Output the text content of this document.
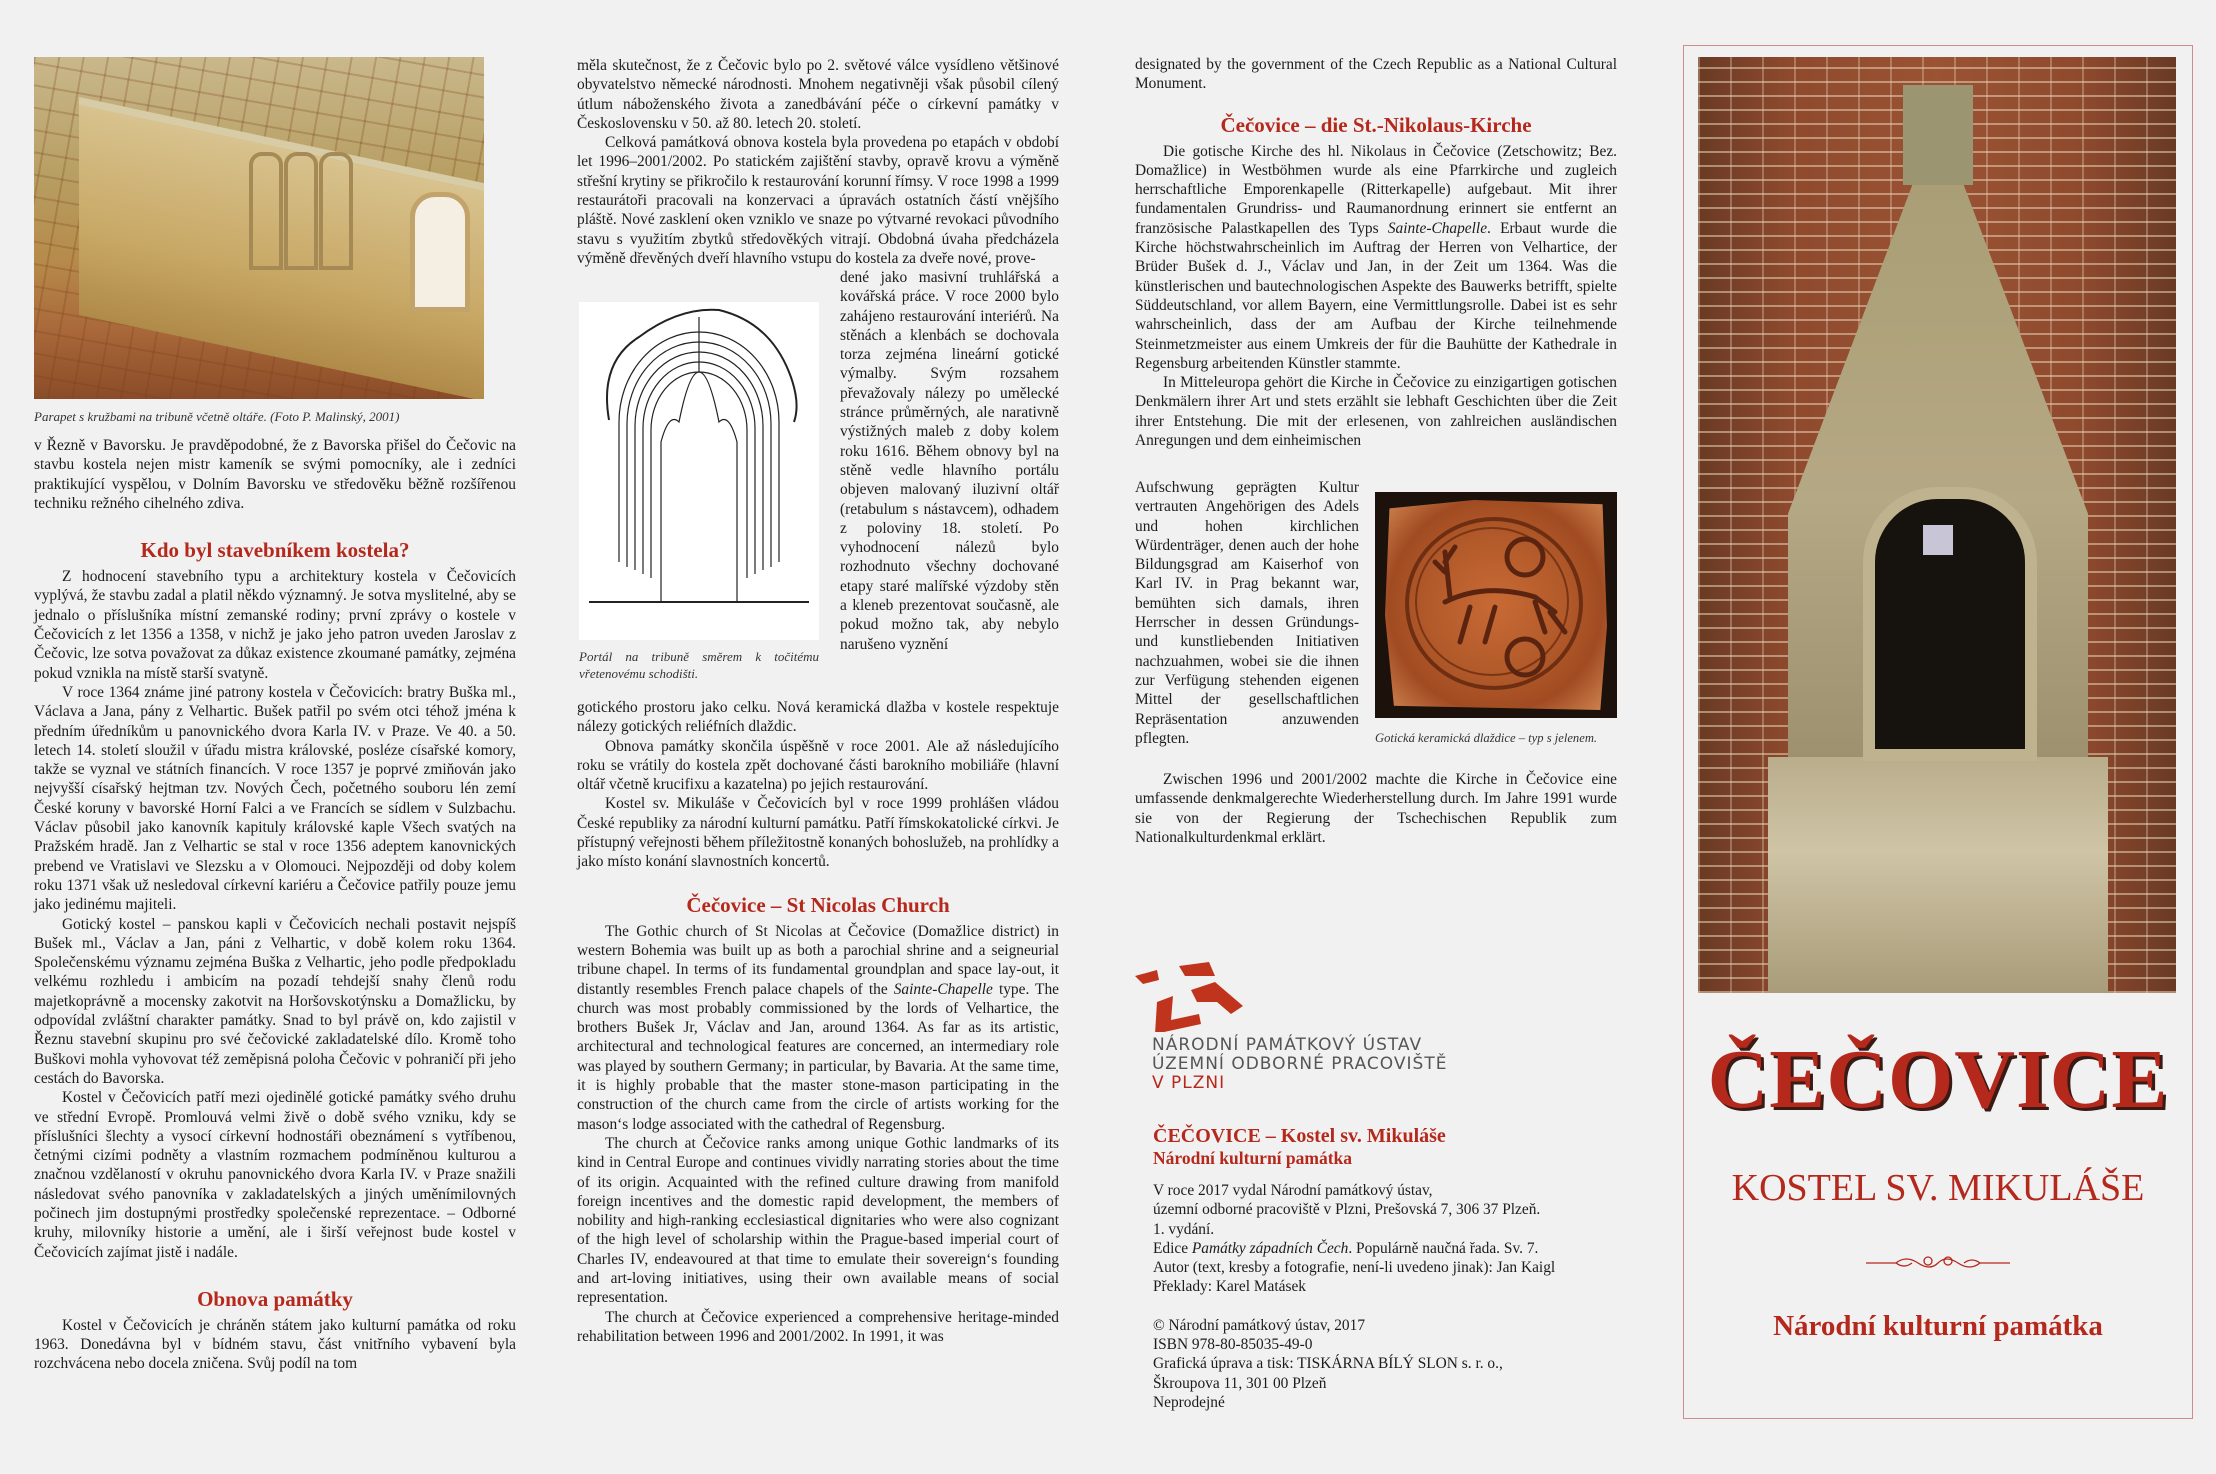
Parapet s kružbami na tribuně včetně oltáře. (Foto P. Malinský, 2001)

v Řezně v Bavorsku. Je pravděpodobné, že z Bavorska přišel do Čečovic na stavbu kostela nejen mistr kameník se svými pomocníky, ale i zedníci praktikující vyspělou, v Dolním Bavorsku ve středověku běžně rozšířenou techniku režného cihelného zdiva.

Kdo byl stavebníkem kostela?

Z hodnocení stavebního typu a architektury kostela v Čečovicích vyplývá, že stavbu zadal a platil někdo významný. Je sotva myslitelné, aby se jednalo o příslušníka místní zemanské rodiny; první zprávy o kostele v Čečovicích z let 1356 a 1358, v nichž je jako jeho patron uveden Jaroslav z Čečovic, lze sotva považovat za důkaz existence zkoumané památky, zejména pokud vznikla na místě starší svatyně.

V roce 1364 známe jiné patrony kostela v Čečovicích: bratry Buška ml., Václava a Jana, pány z Velhartic. Bušek patřil po svém otci téhož jména k předním úředníkům u panovnického dvora Karla IV. v Praze. Ve 40. a 50. letech 14. století sloužil v úřadu mistra královské, posléze císařské komory, takže se vyznal ve státních financích. V roce 1357 je poprvé zmiňován jako nejvyšší císařský hejtman tzv. Nových Čech, početného souboru lén zemí České koruny v bavorské Horní Falci a ve Francích se sídlem v Sulzbachu. Václav působil jako kanovník kapituly královské kaple Všech svatých na Pražském hradě. Jan z Velhartic se stal v roce 1356 adeptem kanovnických prebend ve Vratislavi ve Slezsku a v Olomouci. Nejpozději od doby kolem roku 1371 však už nesledoval církevní kariéru a Čečovice patřily pouze jemu jako jedinému majiteli.

Gotický kostel – panskou kapli v Čečovicích nechali postavit nejspíš Bušek ml., Václav a Jan, páni z Velhartic, v době kolem roku 1364. Společenskému významu zejména Buška z Velhartic, jeho podle předpokladu velkému rozhledu i ambicím na pozadí tehdejší snahy členů rodu majetkoprávně a mocensky zakotvit na Horšovskotýnsku a Domažlicku, by odpovídal zvláštní charakter památky. Snad to byl právě on, kdo zajistil v Řeznu stavební skupinu pro své čečovické zakladatelské dílo. Kromě toho Buškovi mohla vyhovovat též zeměpisná poloha Čečovic v pohraničí při jeho cestách do Bavorska.

Kostel v Čečovicích patří mezi ojedinělé gotické památky svého druhu ve střední Evropě. Promlouvá velmi živě o době svého vzniku, kdy se příslušníci šlechty a vysocí církevní hodnostáři obeznámení s vytříbenou, četnými cizími podněty a vlastním rozmachem podmíněnou kulturou a značnou vzdělaností v okruhu panovnického dvora Karla IV. v Praze snažili následovat svého panovníka v zakladatelských a jiných uměnímilovných počinech jim dostupnými prostředky společenské reprezentace. – Odborné kruhy, milovníky historie a umění, ale i širší veřejnost bude kostel v Čečovicích zajímat jistě i nadále.

Obnova památky

Kostel v Čečovicích je chráněn státem jako kulturní památka od roku 1963. Donedávna byl v bídném stavu, část vnitřního vybavení byla rozchvácena nebo docela zničena. Svůj podíl na tom

měla skutečnost, že z Čečovic bylo po 2. světové válce vysídleno většinové obyvatelstvo německé národnosti. Mnohem negativněji však působil cílený útlum náboženského života a zanedbávání péče o církevní památky v Československu v 50. až 80. letech 20. století.

Celková památková obnova kostela byla provedena po etapách v období let 1996–2001/2002. Po statickém zajištění stavby, opravě krovu a výměně střešní krytiny se přikročilo k restaurování korunní římsy. V roce 1998 a 1999 restaurátoři pracovali na konzervaci a úpravách ostatních částí vnějšího pláště. Nové zasklení oken vzniklo ve snaze po výtvarné revokaci původního stavu s využitím zbytků středověkých vitrají. Obdobná úvaha předcházela výměně dřevěných dveří hlavního vstupu do kostela za dveře nové, prove-

dené jako masivní truhlářská a kovářská práce. V roce 2000 bylo zahájeno restaurování interiérů. Na stěnách a klenbách se dochovala torza zejména lineární gotické výmalby. Svým rozsahem převažovaly nálezy po umělecké stránce průměrných, ale narativně výstižných maleb z doby kolem roku 1616. Během obnovy byl na stěně vedle hlavního portálu objeven malovaný iluzivní oltář (retabulum s nástavcem), odhadem z poloviny 18. století. Po vyhodnocení nálezů bylo rozhodnuto všechny dochované etapy staré malířské výzdoby stěn a kleneb prezentovat současně, ale pokud možno tak, aby nebylo narušeno vyznění

Portál na tribuně směrem k točitému vřetenovému schodišti.

gotického prostoru jako celku. Nová keramická dlažba v kostele respektuje nálezy gotických reliéfních dlaždic.

Obnova památky skončila úspěšně v roce 2001. Ale až následujícího roku se vrátily do kostela zpět dochované části barokního mobiliáře (hlavní oltář včetně krucifixu a kazatelna) po jejich restaurování.

Kostel sv. Mikuláše v Čečovicích byl v roce 1999 prohlášen vládou České republiky za národní kulturní památku. Patří římskokatolické církvi. Je přístupný veřejnosti během příležitostně konaných bohoslužeb, na prohlídky a jako místo konání slavnostních koncertů.

Čečovice – St Nicolas Church

The Gothic church of St Nicolas at Čečovice (Domažlice district) in western Bohemia was built up as both a parochial shrine and a seigneurial tribune chapel. In terms of its fundamental groundplan and space lay-out, it distantly resembles French palace chapels of the Sainte-Chapelle type. The church was most probably commissioned by the lords of Velhartice, the brothers Bušek Jr, Václav and Jan, around 1364. As far as its artistic, architectural and technological features are concerned, an intermediary role was played by southern Germany; in particular, by Bavaria. At the same time, it is highly probable that the master stone-mason participating in the construction of the church came from the circle of artists working for the mason‘s lodge associated with the cathedral of Regensburg.

The church at Čečovice ranks among unique Gothic landmarks of its kind in Central Europe and continues vividly narrating stories about the time of its origin. Acquainted with the refined culture drawing from manifold foreign incentives and the domestic rapid development, the members of nobility and high-ranking ecclesiastical dignitaries who were also cognizant of the high level of scholarship within the Prague-based imperial court of Charles IV, endeavoured at that time to emulate their sovereign‘s founding and art-loving initiatives, using their own available means of social representation.

The church at Čečovice experienced a comprehensive heritage-minded rehabilitation between 1996 and 2001/2002. In 1991, it was

designated by the government of the Czech Republic as a National Cultural Monument.

Čečovice – die St.-Nikolaus-Kirche

Die gotische Kirche des hl. Nikolaus in Čečovice (Zetschowitz; Bez. Domažlice) in Westböhmen wurde als eine Pfarrkirche und zugleich herrschaftliche Emporenkapelle (Ritterkapelle) aufgebaut. Mit ihrer fundamentalen Grundriss- und Raumanordnung erinnert sie entfernt an französische Palastkapellen des Typs Sainte-Chapelle. Erbaut wurde die Kirche höchstwahrscheinlich im Auftrag der Herren von Velhartice, der Brüder Bušek d. J., Václav und Jan, in der Zeit um 1364. Was die künstlerischen und bautechnologischen Aspekte des Bauwerks betrifft, spielte Süddeutschland, vor allem Bayern, eine Vermittlungsrolle. Dabei ist es sehr wahrscheinlich, dass der am Aufbau der Kirche teilnehmende Steinmetzmeister aus einem Umkreis der für die Bauhütte der Kathedrale in Regensburg arbeitenden Künstler stammte.

In Mitteleuropa gehört die Kirche in Čečovice zu einzigartigen gotischen Denkmälern ihrer Art und stets erzählt sie lebhaft Geschichten über die Zeit ihrer Entstehung. Die mit der erlesenen, von zahlreichen ausländischen Anregungen und dem einheimischen

Aufschwung geprägten Kultur vertrauten Angehörigen des Adels und hohen kirchlichen Würdenträger, denen auch der hohe Bildungsgrad am Kaiserhof von Karl IV. in Prag bekannt war, bemühten sich damals, ihren Herrscher in dessen Gründungs- und kunstliebenden Initiativen nachzuahmen, wobei sie die ihnen zur Verfügung stehenden eigenen Mittel der gesellschaftlichen Repräsentation anzuwenden pflegten.	Gotická keramická dlaždice – typ s jelenem.

Zwischen 1996 und 2001/2002 machte die Kirche in Čečovice eine umfassende denkmalgerechte Wiederherstellung durch. Im Jahre 1991 wurde sie von der Regierung der Tschechischen Republik zum Nationalkulturdenkmal erklärt.

NÁRODNÍ PAMÁTKOVÝ ÚSTAV
ÚZEMNÍ ODBORNÉ PRACOVIŠTĚ
V PLZNI
ČEČOVICE – Kostel sv. Mikuláše
Národní kulturní památka
V roce 2017 vydal Národní památkový ústav,
územní odborné pracoviště v Plzni, Prešovská 7, 306 37 Plzeň.
1. vydání.
Edice Památky západních Čech. Populárně naučná řada. Sv. 7.
Autor (text, kresby a fotografie, není-li uvedeno jinak): Jan Kaigl
Překlady: Karel Matásek
© Národní památkový ústav, 2017
ISBN 978-80-85035-49-0
Grafická úprava a tisk: TISKÁRNA BÍLÝ SLON s. r. o.,
Škroupova 11, 301 00 Plzeň
Neprodejné
ČEČOVICE
KOSTEL SV. MIKULÁŠE
Národní kulturní památka
